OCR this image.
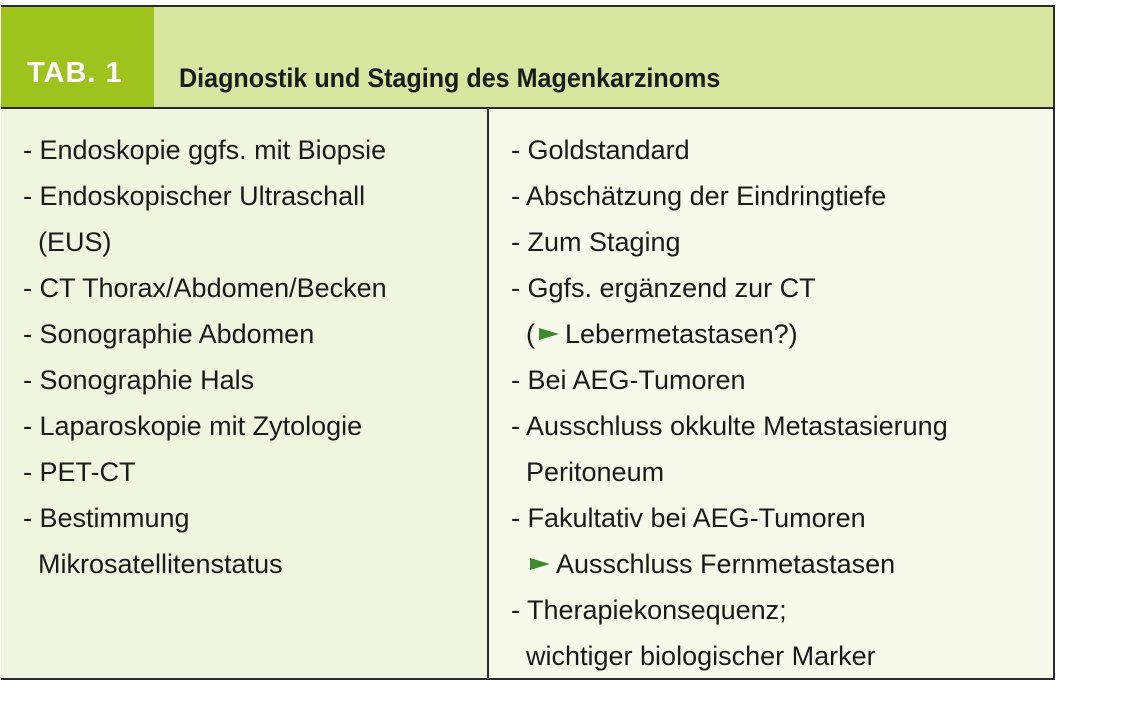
TAB. 1	Diagnostik und Staging des Magenkarzinoms
- Endoskopie ggfs. mit Biopsie
- Endoskopischer Ultraschall
(EUS)
- CT Thorax/Abdomen/Becken
- Sonographie Abdomen
- Sonographie Hals
- Laparoskopie mit Zytologie
- PET-CT
- Bestimmung
Mikrosatellitenstatus
- Goldstandard
- Abschätzung der Eindringtiefe
- Zum Staging
- Ggfs. ergänzend zur CT
( Lebermetastasen?)
- Bei AEG-Tumoren
- Ausschluss okkulte Metastasierung
Peritoneum
- Fakultativ bei AEG-Tumoren
Ausschluss Fernmetastasen
- Therapiekonsequenz;
wichtiger biologischer Marker
